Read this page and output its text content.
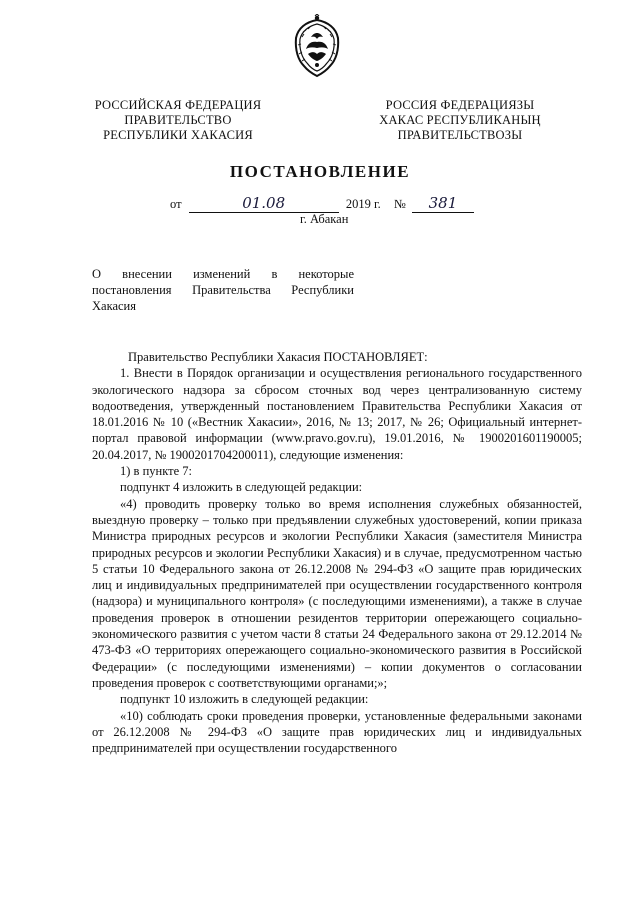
РОССИЙСКАЯ ФЕДЕРАЦИЯ
ПРАВИТЕЛЬСТВО
РЕСПУБЛИКИ ХАКАСИЯ
РОССИЯ ФЕДЕРАЦИЯЗЫ
ХАКАС РЕСПУБЛИКАНЫҢ
ПРАВИТЕЛЬСТВОЗЫ
ПОСТАНОВЛЕНИЕ
от	01.08	2019 г. № 381
г. Абакан
О внесении изменений в некоторые постановления Правительства Республики Хакасия

Правительство Республики Хакасия ПОСТАНОВЛЯЕТ:

1. Внести в Порядок организации и осуществления регионального государственного экологического надзора за сбросом сточных вод через централизованную систему водоотведения, утвержденный постановлением Правительства Республики Хакасия от 18.01.2016 № 10 («Вестник Хакасии», 2016, № 13; 2017, № 26; Официальный интернет-портал правовой информации (www.pravo.gov.ru), 19.01.2016, № 1900201601190005; 20.04.2017, № 1900201704200011), следующие изменения:

1) в пункте 7:

подпункт 4 изложить в следующей редакции:

«4) проводить проверку только во время исполнения служебных обязанностей, выездную проверку – только при предъявлении служебных удостоверений, копии приказа Министра природных ресурсов и экологии Республики Хакасия (заместителя Министра природных ресурсов и экологии Республики Хакасия) и в случае, предусмотренном частью 5 статьи 10 Федерального закона от 26.12.2008 № 294-ФЗ «О защите прав юридических лиц и индивидуальных предпринимателей при осуществлении государственного контроля (надзора) и муниципального контроля» (с последующими изменениями), а также в случае проведения проверок в отношении резидентов территории опережающего социально-экономического развития с учетом части 8 статьи 24 Федерального закона от 29.12.2014 № 473-ФЗ «О территориях опережающего социально-экономического развития в Российской Федерации» (с последующими изменениями) – копии документов о согласовании проведения проверок с соответствующими органами;»;

подпункт 10 изложить в следующей редакции:

«10) соблюдать сроки проведения проверки, установленные федеральными законами от 26.12.2008 № 294-ФЗ «О защите прав юридических лиц и индивидуальных предпринимателей при осуществлении государственного
